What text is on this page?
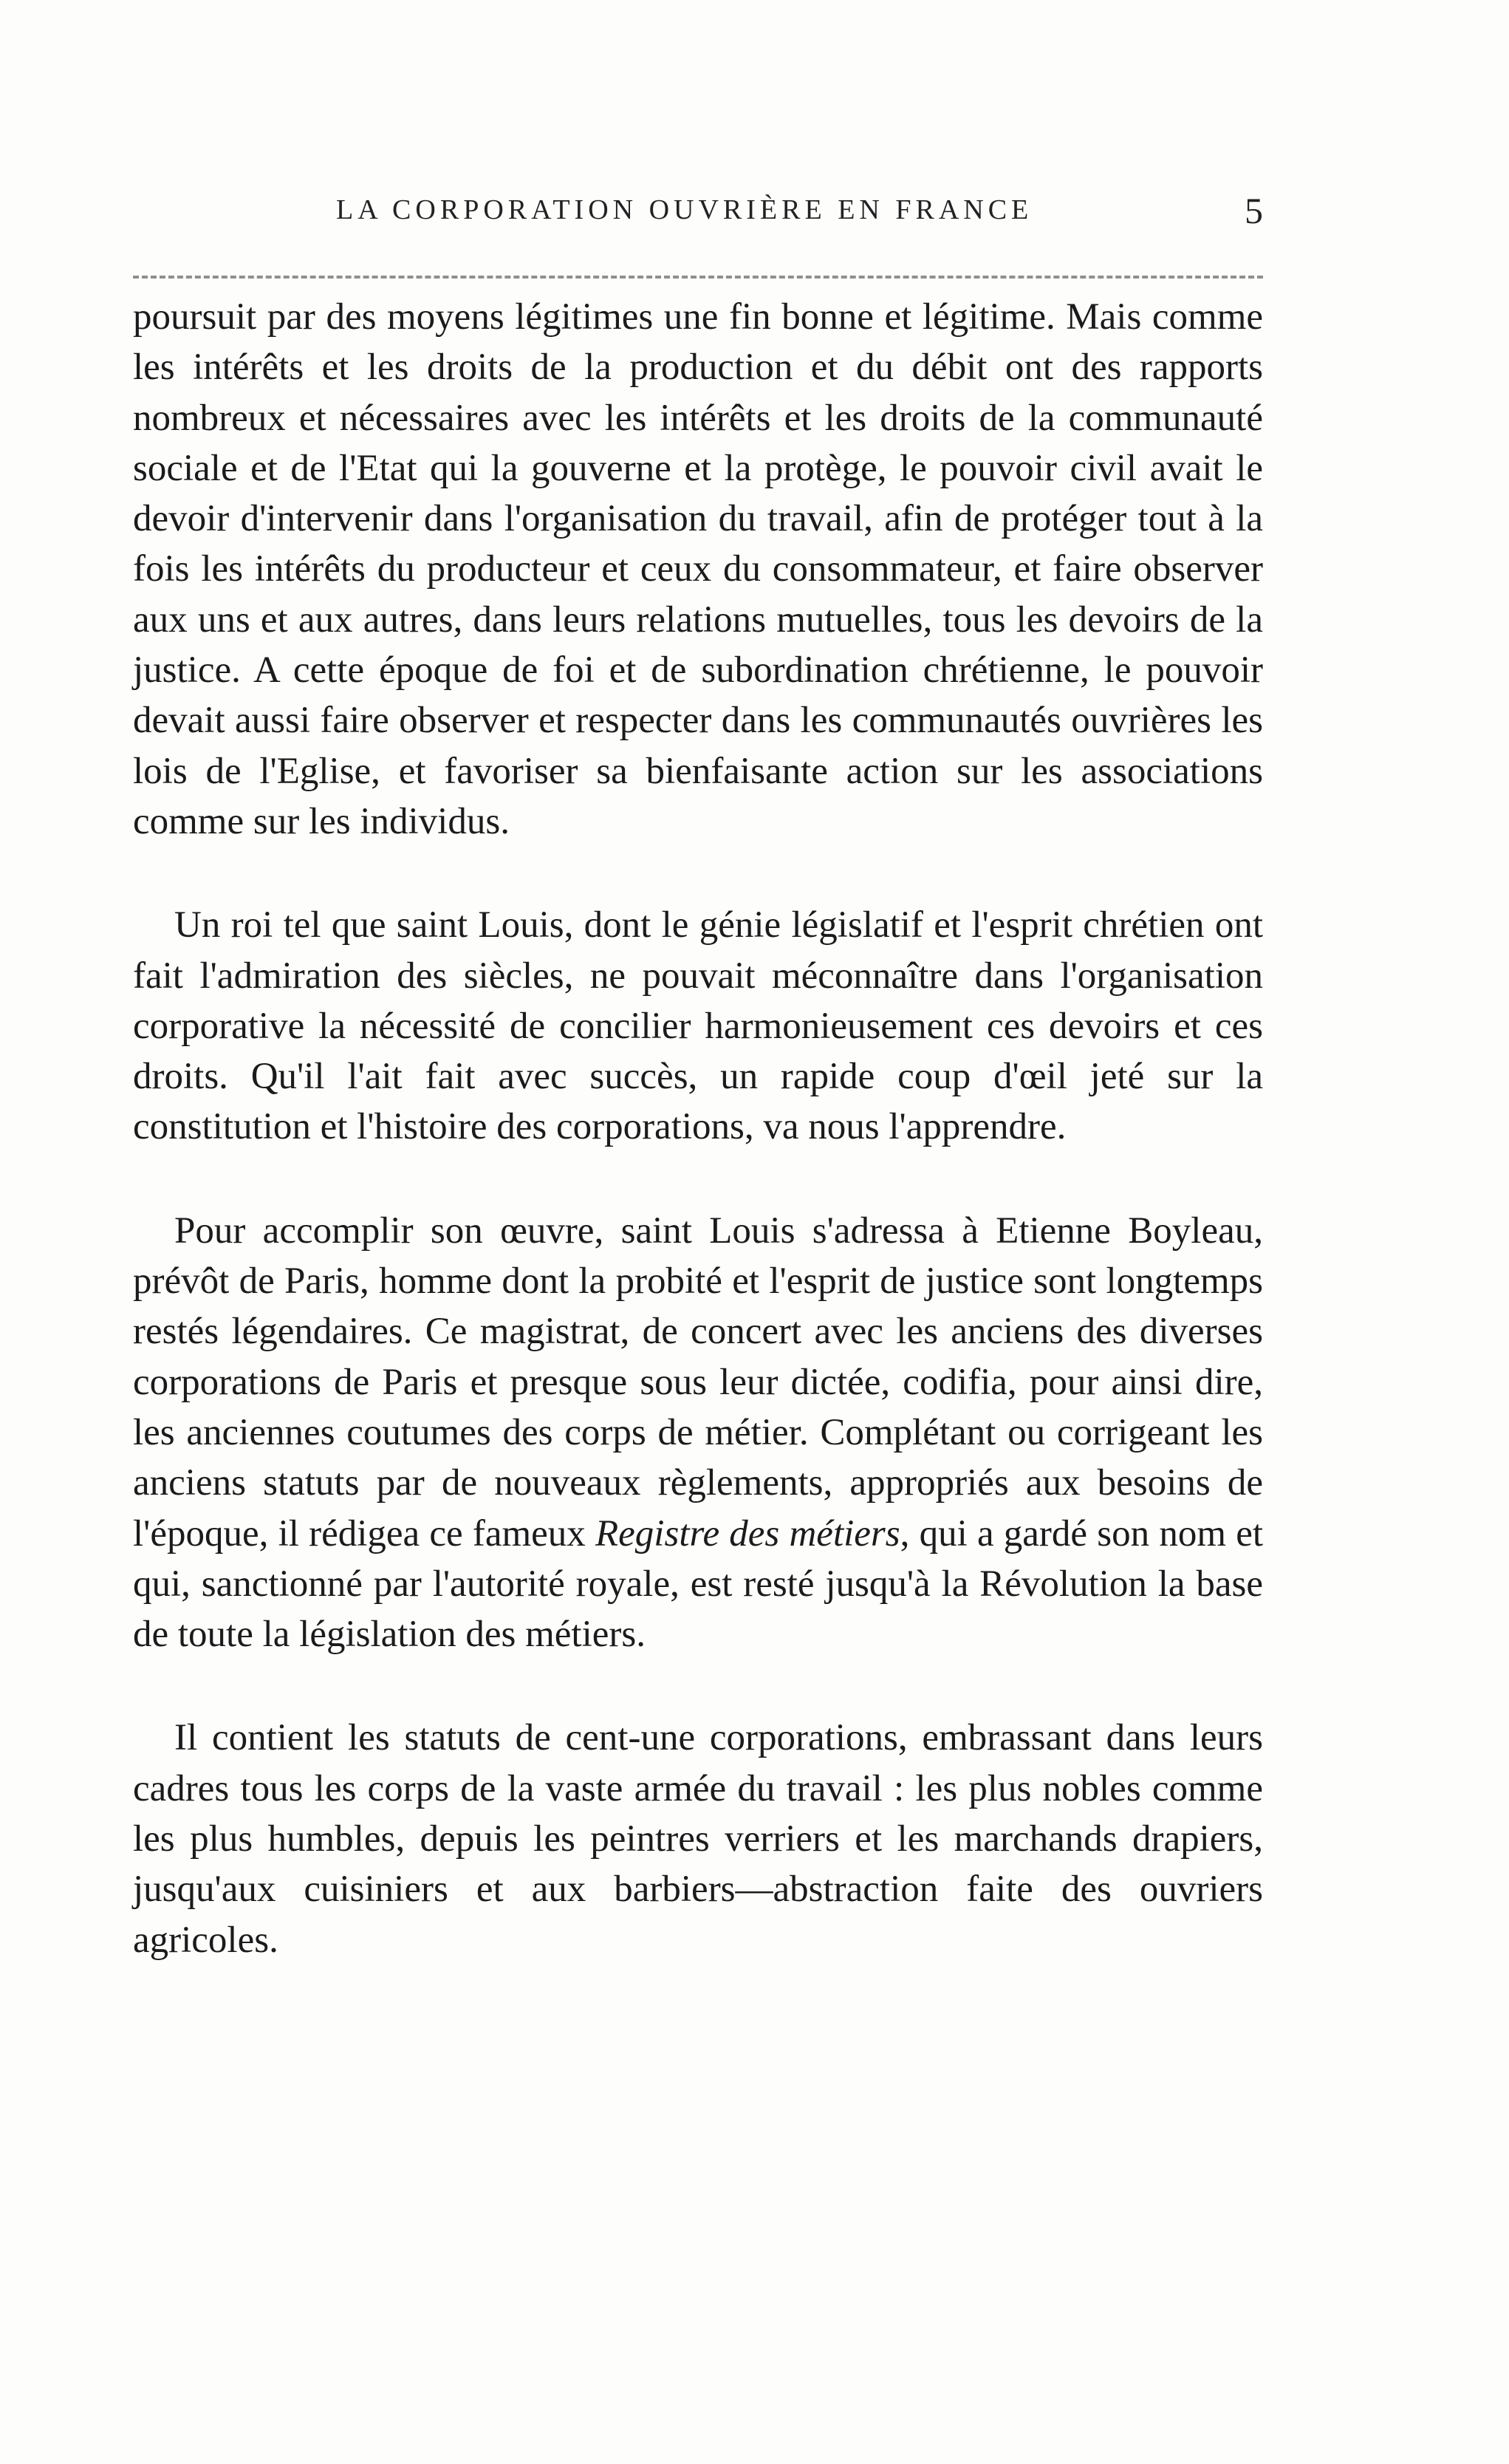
LA CORPORATION OUVRIÈRE EN FRANCE	5

poursuit par des moyens légitimes une fin bonne et légitime. Mais comme les intérêts et les droits de la production et du débit ont des rapports nombreux et nécessaires avec les intérêts et les droits de la communauté sociale et de l'Etat qui la gouverne et la protège, le pouvoir civil avait le devoir d'intervenir dans l'organisation du travail, afin de protéger tout à la fois les intérêts du producteur et ceux du consommateur, et faire observer aux uns et aux autres, dans leurs relations mutuelles, tous les devoirs de la justice. A cette époque de foi et de subordination chrétienne, le pouvoir devait aussi faire observer et respecter dans les communautés ouvrières les lois de l'Eglise, et favoriser sa bienfaisante action sur les associations comme sur les individus.

Un roi tel que saint Louis, dont le génie législatif et l'esprit chrétien ont fait l'admiration des siècles, ne pouvait méconnaître dans l'organisation corporative la nécessité de concilier harmonieusement ces devoirs et ces droits. Qu'il l'ait fait avec succès, un rapide coup d'œil jeté sur la constitution et l'histoire des corporations, va nous l'apprendre.

Pour accomplir son œuvre, saint Louis s'adressa à Etienne Boyleau, prévôt de Paris, homme dont la probité et l'esprit de justice sont longtemps restés légendaires. Ce magistrat, de concert avec les anciens des diverses corporations de Paris et presque sous leur dictée, codifia, pour ainsi dire, les anciennes coutumes des corps de métier. Complétant ou corrigeant les anciens statuts par de nouveaux règlements, appropriés aux besoins de l'époque, il rédigea ce fameux Registre des métiers, qui a gardé son nom et qui, sanctionné par l'autorité royale, est resté jusqu'à la Révolution la base de toute la législation des métiers.

Il contient les statuts de cent-une corporations, embrassant dans leurs cadres tous les corps de la vaste armée du travail : les plus nobles comme les plus humbles, depuis les peintres verriers et les marchands drapiers, jusqu'aux cuisiniers et aux barbiers—abstraction faite des ouvriers agricoles.
